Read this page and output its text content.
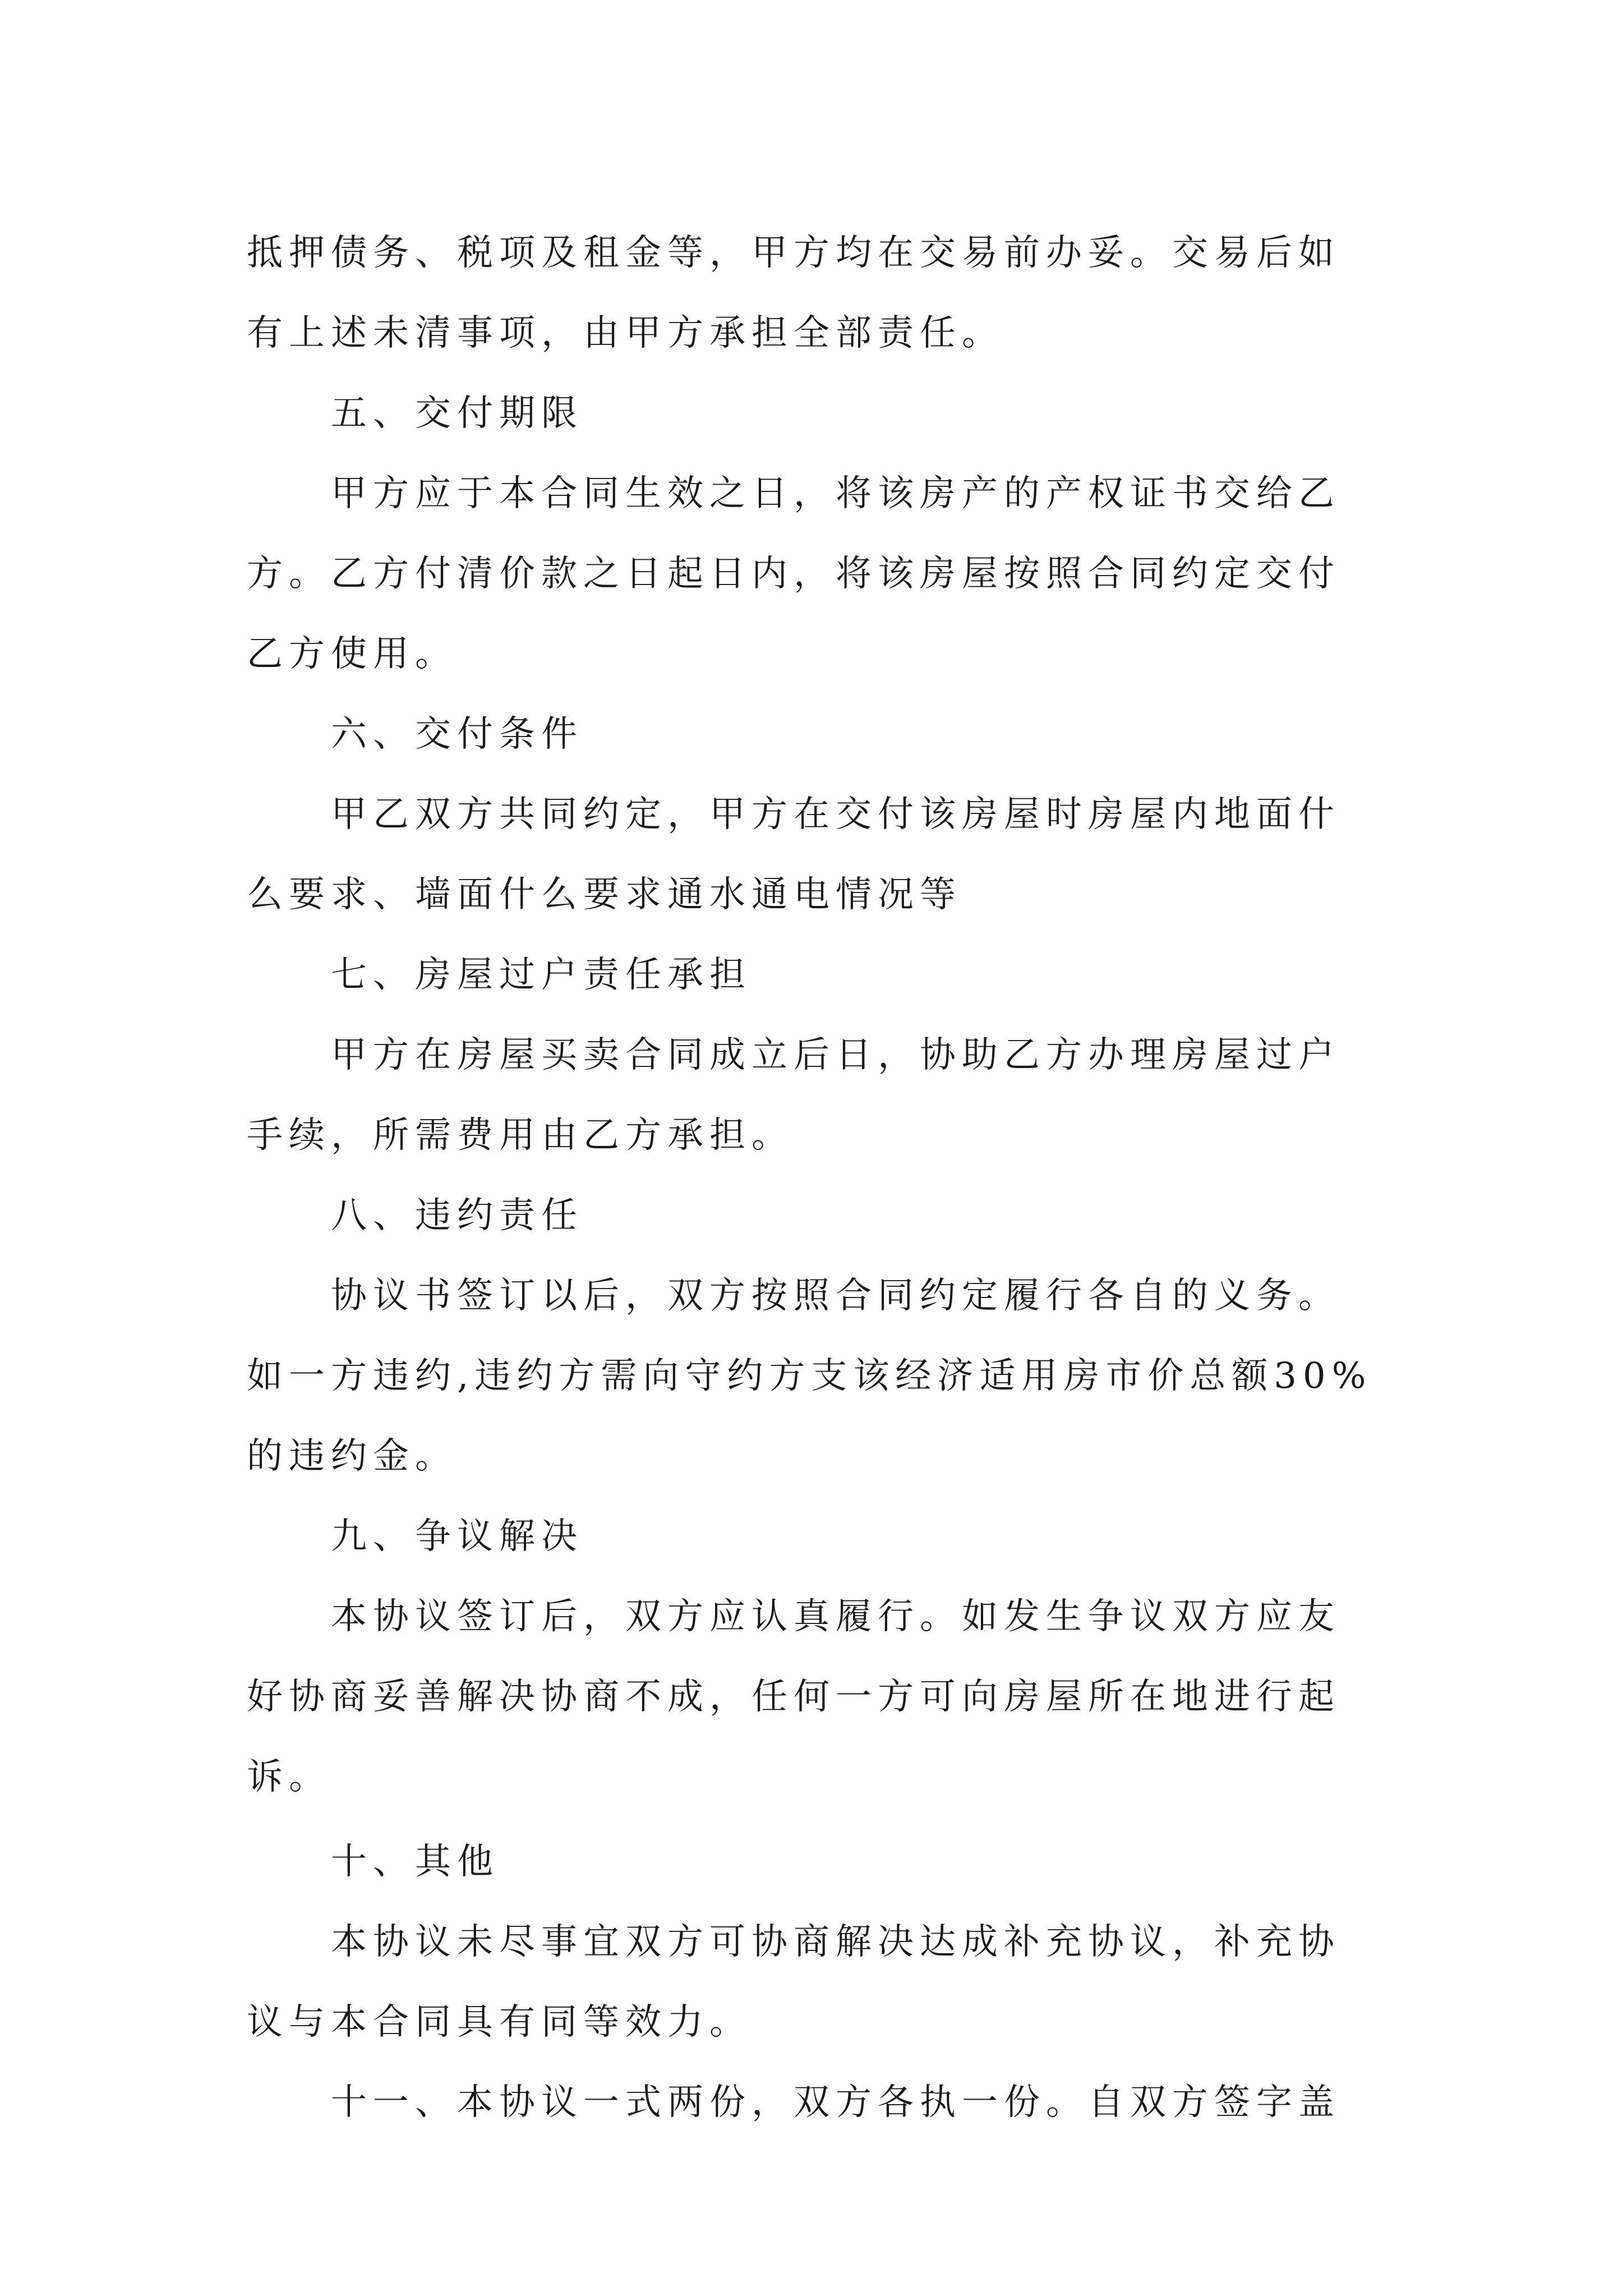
抵押债务、税项及租金等，甲方均在交易前办妥。交易后如
有上述未清事项，由甲方承担全部责任。
五、交付期限
甲方应于本合同生效之日，将该房产的产权证书交给乙
方。乙方付清价款之日起日内，将该房屋按照合同约定交付
乙方使用。
六、交付条件
甲乙双方共同约定，甲方在交付该房屋时房屋内地面什
么要求、墙面什么要求通水通电情况等
七、房屋过户责任承担
甲方在房屋买卖合同成立后日，协助乙方办理房屋过户
手续，所需费用由乙方承担。
八、违约责任
协议书签订以后，双方按照合同约定履行各自的义务。
如一方违约,违约方需向守约方支该经济适用房市价总额30%
的违约金。
九、争议解决
本协议签订后，双方应认真履行。如发生争议双方应友
好协商妥善解决协商不成，任何一方可向房屋所在地进行起
诉。
十、其他
本协议未尽事宜双方可协商解决达成补充协议，补充协
议与本合同具有同等效力。
十一、本协议一式两份，双方各执一份。自双方签字盖
